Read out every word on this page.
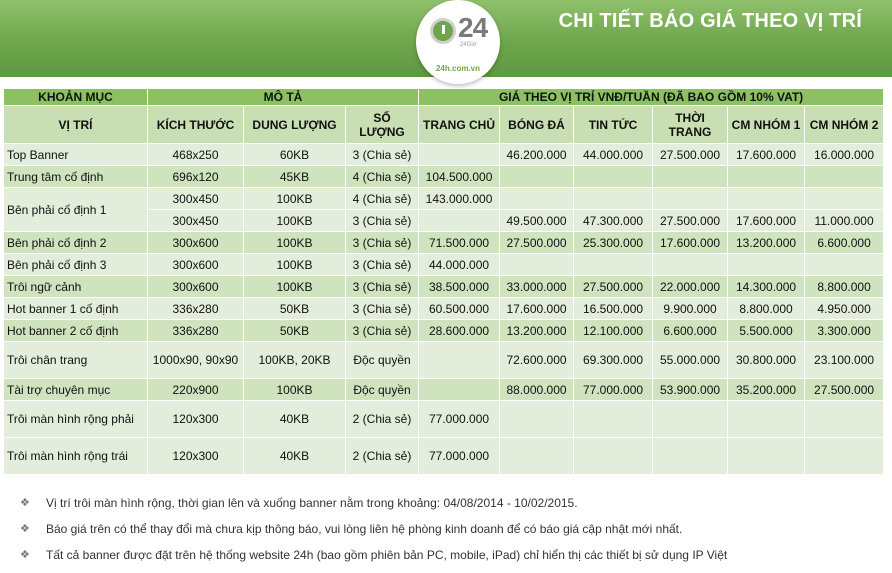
CHI TIẾT BÁO GIÁ THEO VỊ TRÍ
24
24Giờ
24h.com.vn
KHOẢN MỤC	MÔ TẢ			GIÁ THEO VỊ TRÍ VNĐ/TUẦN (ĐÃ BAO GỒM 10% VAT)					
VỊ TRÍ	KÍCH THƯỚC	DUNG LƯỢNG	SỐ LƯỢNG	TRANG CHỦ	BÓNG ĐÁ	TIN TỨC	THỜI TRANG	CM NHÓM 1	CM NHÓM 2
Top Banner	468x250	60KB	3 (Chia sẻ)		46.200.000	44.000.000	27.500.000	17.600.000	16.000.000
Trung tâm cố định	696x120	45KB	4 (Chia sẻ)	104.500.000					
Bên phải cố định 1	300x450	100KB	4 (Chia sẻ)	143.000.000					
	300x450	100KB	3 (Chia sẻ)		49.500.000	47.300.000	27.500.000	17.600.000	11.000.000
Bên phải cố định 2	300x600	100KB	3 (Chia sẻ)	71.500.000	27.500.000	25.300.000	17.600.000	13.200.000	6.600.000
Bên phải cố định 3	300x600	100KB	3 (Chia sẻ)	44.000.000					
Trôi ngữ cảnh	300x600	100KB	3 (Chia sẻ)	38.500.000	33.000.000	27.500.000	22.000.000	14.300.000	8.800.000
Hot banner 1 cố định	336x280	50KB	3 (Chia sẻ)	60.500.000	17.600.000	16.500.000	9.900.000	8.800.000	4.950.000
Hot banner 2 cố định	336x280	50KB	3 (Chia sẻ)	28.600.000	13.200.000	12.100.000	6.600.000	5.500.000	3.300.000
Trôi chân trang	1000x90, 90x90	100KB, 20KB	Độc quyền		72.600.000	69.300.000	55.000.000	30.800.000	23.100.000
Tài trợ chuyên mục	220x900	100KB	Độc quyền		88.000.000	77.000.000	53.900.000	35.200.000	27.500.000
Trôi màn hình rộng phải	120x300	40KB	2 (Chia sẻ)	77.000.000					
Trôi màn hình rộng trái	120x300	40KB	2 (Chia sẻ)	77.000.000					
❖ Vị trí trôi màn hình rộng, thời gian lên và xuống banner nằm trong khoảng: 04/08/2014 - 10/02/2015.
❖ Báo giá trên có thể thay đổi mà chưa kịp thông báo, vui lòng liên hệ phòng kinh doanh để có báo giá cập nhật mới nhất.
❖ Tất cả banner được đặt trên hệ thống website 24h (bao gồm phiên bản PC, mobile, iPad) chỉ hiển thị các thiết bị sử dụng IP Việt
